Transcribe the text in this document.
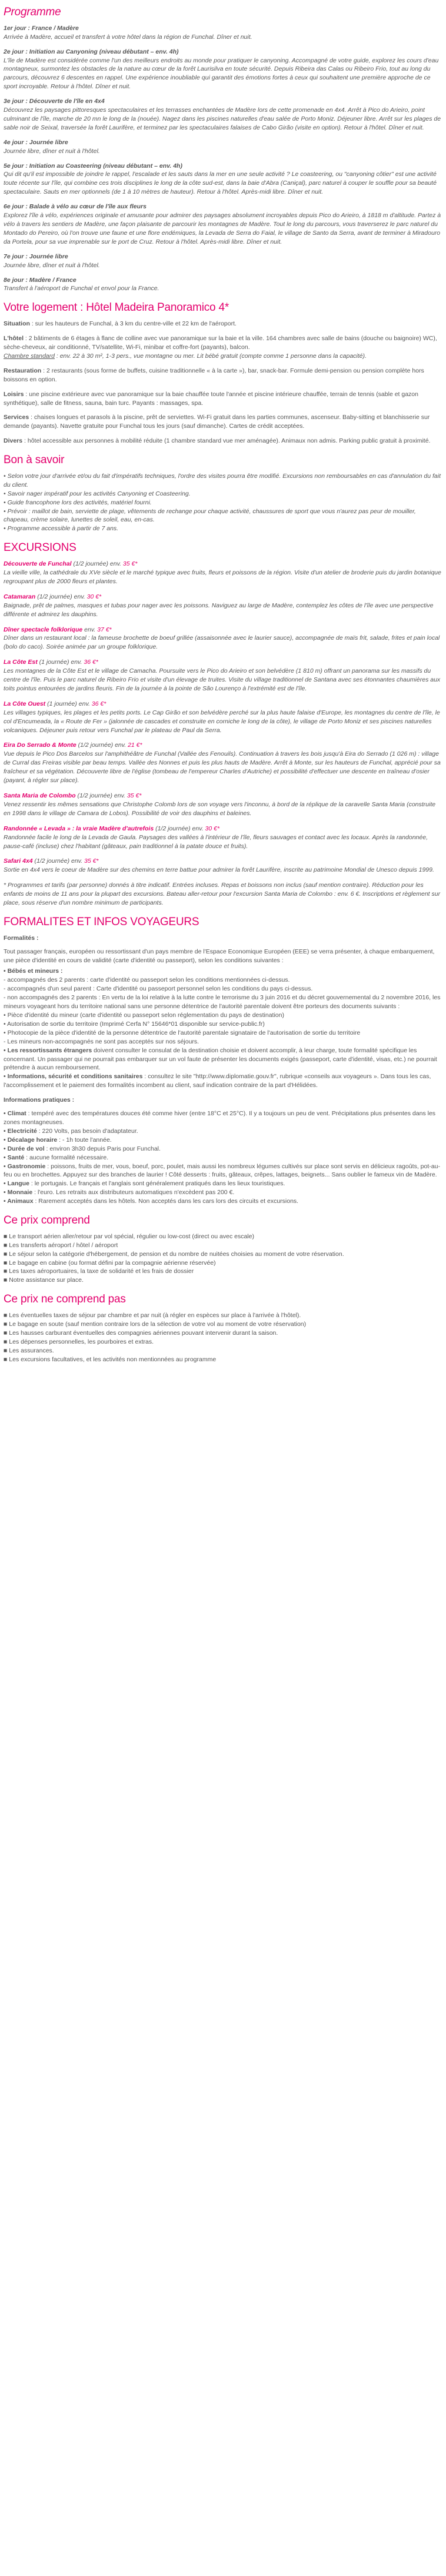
Programme
1er jour : France / Madère
Arrivée à Madère, accueil et transfert à votre hôtel dans la région de Funchal. Dîner et nuit.
2e jour : Initiation au Canyoning (niveau débutant – env. 4h)
L'île de Madère est considérée comme l'un des meilleurs endroits au monde pour pratiquer le canyoning. Accompagné de votre guide, explorez les cours d'eau montagneux, surmontez les obstacles de la nature au cœur de la forêt Laurisilva en toute sécurité. Depuis Ribeira das Calas ou Ribeiro Frio, tout au long du parcours, découvrez 6 descentes en rappel. Une expérience inoubliable qui garantit des émotions fortes à ceux qui souhaitent une première approche de ce sport incroyable. Retour à l'hôtel. Dîner et nuit.
3e jour : Découverte de l'île en 4x4
Découvrez les paysages pittoresques spectaculaires et les terrasses enchantées de Madère lors de cette promenade en 4x4. Arrêt à Pico do Arieiro, point culminant de l'île, marche de 20 mn le long de la (nouée). Nagez dans les piscines naturelles d'eau salée de Porto Moniz. Déjeuner libre. Arrêt sur les plages de sable noir de Seixal, traversée la forêt Laurifère, et terminez par les spectaculaires falaises de Cabo Girão (visite en option). Retour à l'hôtel. Dîner et nuit.
4e jour : Journée libre
Journée libre, dîner et nuit à l'hôtel.
5e jour : Initiation au Coasteering (niveau débutant – env. 4h)
Qui dit qu'il est impossible de joindre le rappel, l'escalade et les sauts dans la mer en une seule activité ? Le coasteering, ou "canyoning côtier" est une activité toute récente sur l'île, qui combine ces trois disciplines le long de la côte sud-est, dans la baie d'Abra (Caniçal), parc naturel à couper le souffle pour sa beauté spectaculaire. Sauts en mer optionnels (de 1 à 10 mètres de hauteur). Retour à l'hôtel. Après-midi libre. Dîner et nuit.
6e jour : Balade à vélo au cœur de l'île aux fleurs
Explorez l'île à vélo, expériences originale et amusante pour admirer des paysages absolument incroyables depuis Pico do Arieiro, à 1818 m d'altitude. Partez à vélo à travers les sentiers de Madère, une façon plaisante de parcourir les montagnes de Madère. Tout le long du parcours, vous traverserez le parc naturel du Montado do Pereiro, où l'on trouve une faune et une flore endémiques, la Levada de Serra do Faial, le village de Santo da Serra, avant de terminer à Miradouro da Portela, pour sa vue imprenable sur le port de Cruz. Retour à l'hôtel. Après-midi libre. Dîner et nuit.
7e jour : Journée libre
Journée libre, dîner et nuit à l'hôtel.
8e jour : Madère / France
Transfert à l'aéroport de Funchal et envol pour la France.
Votre logement : Hôtel Madeira Panoramico 4*

Situation : sur les hauteurs de Funchal, à 3 km du centre-ville et 22 km de l'aéroport.

L'hôtel : 2 bâtiments de 6 étages à flanc de colline avec vue panoramique sur la baie et la ville. 164 chambres avec salle de bains (douche ou baignoire) WC), sèche-cheveux, air conditionné, TV/satellite, Wi-Fi, minibar et coffre-fort (payants), balcon.
Chambre standard : env. 22 à 30 m², 1-3 pers., vue montagne ou mer. Lit bébé gratuit (compte comme 1 personne dans la capacité).

Restauration : 2 restaurants (sous forme de buffets, cuisine traditionnelle « à la carte »), bar, snack-bar. Formule demi-pension ou pension complète hors boissons en option.

Loisirs : une piscine extérieure avec vue panoramique sur la baie chauffée toute l'année et piscine intérieure chauffée, terrain de tennis (sable et gazon synthétique), salle de fitness, sauna, bain turc. Payants : massages, spa.

Services : chaises longues et parasols à la piscine, prêt de serviettes. Wi-Fi gratuit dans les parties communes, ascenseur. Baby-sitting et blanchisserie sur demande (payants). Navette gratuite pour Funchal tous les jours (sauf dimanche). Cartes de crédit acceptées.

Divers : hôtel accessible aux personnes à mobilité réduite (1 chambre standard vue mer aménagée). Animaux non admis. Parking public gratuit à proximité.

Bon à savoir
• Selon votre jour d'arrivée et/ou du fait d'impératifs techniques, l'ordre des visites pourra être modifié. Excursions non remboursables en cas d'annulation du fait du client.
• Savoir nager impératif pour les activités Canyoning et Coasteering.
• Guide francophone lors des activités, matériel fourni.
• Prévoir : maillot de bain, serviette de plage, vêtements de rechange pour chaque activité, chaussures de sport que vous n'aurez pas peur de mouiller, chapeau, crème solaire, lunettes de soleil, eau, en-cas.
• Programme accessible à partir de 7 ans.
EXCURSIONS
Découverte de Funchal (1/2 journée) env. 35 €*
La vieille ville, la cathédrale du XVe siècle et le marché typique avec fruits, fleurs et poissons de la région. Visite d'un atelier de broderie puis du jardin botanique regroupant plus de 2000 fleurs et plantes.
Catamaran (1/2 journée) env. 30 €*
Baignade, prêt de palmes, masques et tubas pour nager avec les poissons. Naviguez au large de Madère, contemplez les côtes de l'île avec une perspective différente et admirez les dauphins.
Dîner spectacle folklorique env. 37 €*
Dîner dans un restaurant local : la fameuse brochette de boeuf grillée (assaisonnée avec le laurier sauce), accompagnée de maïs frit, salade, frites et pain local (bolo do caco). Soirée animée par un groupe folklorique.
La Côte Est (1 journée) env. 36 €*
Les montagnes de la Côte Est et le village de Camacha. Poursuite vers le Pico do Arieiro et son belvédère (1 810 m) offrant un panorama sur les massifs du centre de l'île. Puis le parc naturel de Ribeiro Frio et visite d'un élevage de truites. Visite du village traditionnel de Santana avec ses étonnantes chaumières aux toits pointus entourées de jardins fleuris. Fin de la journée à la pointe de São Lourenço à l'extrémité est de l'île.
La Côte Ouest (1 journée) env. 36 €*
Les villages typiques, les plages et les petits ports. Le Cap Girão et son belvédère perché sur la plus haute falaise d'Europe, les montagnes du centre de l'île, le col d'Encumeada, la « Route de Fer » (jalonnée de cascades et construite en corniche le long de la côte), le village de Porto Moniz et ses piscines naturelles volcaniques. Déjeuner puis retour vers Funchal par le plateau de Paul da Serra.
Eira Do Serrado & Monte (1/2 journée) env. 21 €*
Vue depuis le Pico Dos Barcelos sur l'amphithéâtre de Funchal (Vallée des Fenouils). Continuation à travers les bois jusqu'à Eira do Serrado (1 026 m) : village de Curral das Freiras visible par beau temps. Vallée des Nonnes et puis les plus hauts de Madère. Arrêt à Monte, sur les hauteurs de Funchal, apprécié pour sa fraîcheur et sa végétation. Découverte libre de l'église (tombeau de l'empereur Charles d'Autriche) et possibilité d'effectuer une descente en traîneau d'osier (payant, à régler sur place).
Santa Maria de Colombo (1/2 journée) env. 35 €*
Venez ressentir les mêmes sensations que Christophe Colomb lors de son voyage vers l'inconnu, à bord de la réplique de la caravelle Santa Maria (construite en 1998 dans le village de Camara de Lobos). Possibilité de voir des dauphins et baleines.
Randonnée « Levada » : la vraie Madère d'autrefois (1/2 journée) env. 30 €*
Randonnée facile le long de la Levada de Gaula. Paysages des vallées à l'intérieur de l'île, fleurs sauvages et contact avec les locaux. Après la randonnée, pause-café (incluse) chez l'habitant (gâteaux, pain traditionnel à la patate douce et fruits).
Safari 4x4 (1/2 journée) env. 35 €*
Sortie en 4x4 vers le coeur de Madère sur des chemins en terre battue pour admirer la forêt Laurifère, inscrite au patrimoine Mondial de Unesco depuis 1999.

* Programmes et tarifs (par personne) donnés à titre indicatif. Entrées incluses. Repas et boissons non inclus (sauf mention contraire). Réduction pour les enfants de moins de 11 ans pour la plupart des excursions. Bateau aller-retour pour l'excursion Santa Maria de Colombo : env. 6 €. Inscriptions et règlement sur place, sous réserve d'un nombre minimum de participants.

FORMALITES ET INFOS VOYAGEURS

Formalités :

Tout passager français, européen ou ressortissant d'un pays membre de l'Espace Economique Européen (EEE) se verra présenter, à chaque embarquement, une pièce d'identité en cours de validité (carte d'identité ou passeport), selon les conditions suivantes :

• Bébés et mineurs :

- accompagnés des 2 parents : carte d'identité ou passeport selon les conditions mentionnées ci-dessus.
- accompagnés d'un seul parent : Carte d'identité ou passeport personnel selon les conditions du pays ci-dessus.
- non accompagnés des 2 parents : En vertu de la loi relative à la lutte contre le terrorisme du 3 juin 2016 et du décret gouvernemental du 2 novembre 2016, les mineurs voyageant hors du territoire national sans une personne détentrice de l'autorité parentale doivent être porteurs des documents suivants :
• Pièce d'identité du mineur (carte d'identité ou passeport selon réglementation du pays de destination)
• Autorisation de sortie du territoire (Imprimé Cerfa N° 15646*01 disponible sur service-public.fr)
• Photocopie de la pièce d'identité de la personne détentrice de l'autorité parentale signataire de l'autorisation de sortie du territoire
- Les mineurs non-accompagnés ne sont pas acceptés sur nos séjours.

• Les ressortissants étrangers doivent consulter le consulat de la destination choisie et doivent accomplir, à leur charge, toute formalité spécifique les concernant. Un passager qui ne pourrait pas embarquer sur un vol faute de présenter les documents exigés (passeport, carte d'identité, visas, etc.) ne pourrait prétendre à aucun remboursement.

• Informations, sécurité et conditions sanitaires : consultez le site "http://www.diplomatie.gouv.fr", rubrique «conseils aux voyageurs ». Dans tous les cas, l'accomplissement et le paiement des formalités incombent au client, sauf indication contraire de la part d'Hélidées.

Informations pratiques :

• Climat : tempéré avec des températures douces été comme hiver (entre 18°C et 25°C). Il y a toujours un peu de vent. Précipitations plus présentes dans les zones montagneuses.
• Electricité : 220 Volts, pas besoin d'adaptateur.
• Décalage horaire : - 1h toute l'année.
• Durée de vol : environ 3h30 depuis Paris pour Funchal.
• Santé : aucune formalité nécessaire.
• Gastronomie : poissons, fruits de mer, vous, boeuf, porc, poulet, mais aussi les nombreux légumes cultivés sur place sont servis en délicieux ragoûts, pot-au-feu ou en brochettes. Appuyez sur des branches de laurier ! Côté desserts : fruits, gâteaux, crêpes, lattages, beignets... Sans oublier le fameux vin de Madère.
• Langue : le portugais. Le français et l'anglais sont généralement pratiqués dans les lieux touristiques.
• Monnaie : l'euro. Les retraits aux distributeurs automatiques n'excèdent pas 200 €.
• Animaux : Rarement acceptés dans les hôtels. Non acceptés dans les cars lors des circuits et excursions.
Ce prix comprend
■ Le transport aérien aller/retour par vol spécial, régulier ou low-cost (direct ou avec escale)
■ Les transferts aéroport / hôtel / aéroport
■ Le séjour selon la catégorie d'hébergement, de pension et du nombre de nuitées choisies au moment de votre réservation.
■ Le bagage en cabine (ou format défini par la compagnie aérienne réservée)
■ Les taxes aéroportuaires, la taxe de solidarité et les frais de dossier
■ Notre assistance sur place.
Ce prix ne comprend pas
■ Les éventuelles taxes de séjour par chambre et par nuit (à régler en espèces sur place à l'arrivée à l'hôtel).
■ Le bagage en soute (sauf mention contraire lors de la sélection de votre vol au moment de votre réservation)
■ Les hausses carburant éventuelles des compagnies aériennes pouvant intervenir durant la saison.
■ Les dépenses personnelles, les pourboires et extras.
■ Les assurances.
■ Les excursions facultatives, et les activités non mentionnées au programme
